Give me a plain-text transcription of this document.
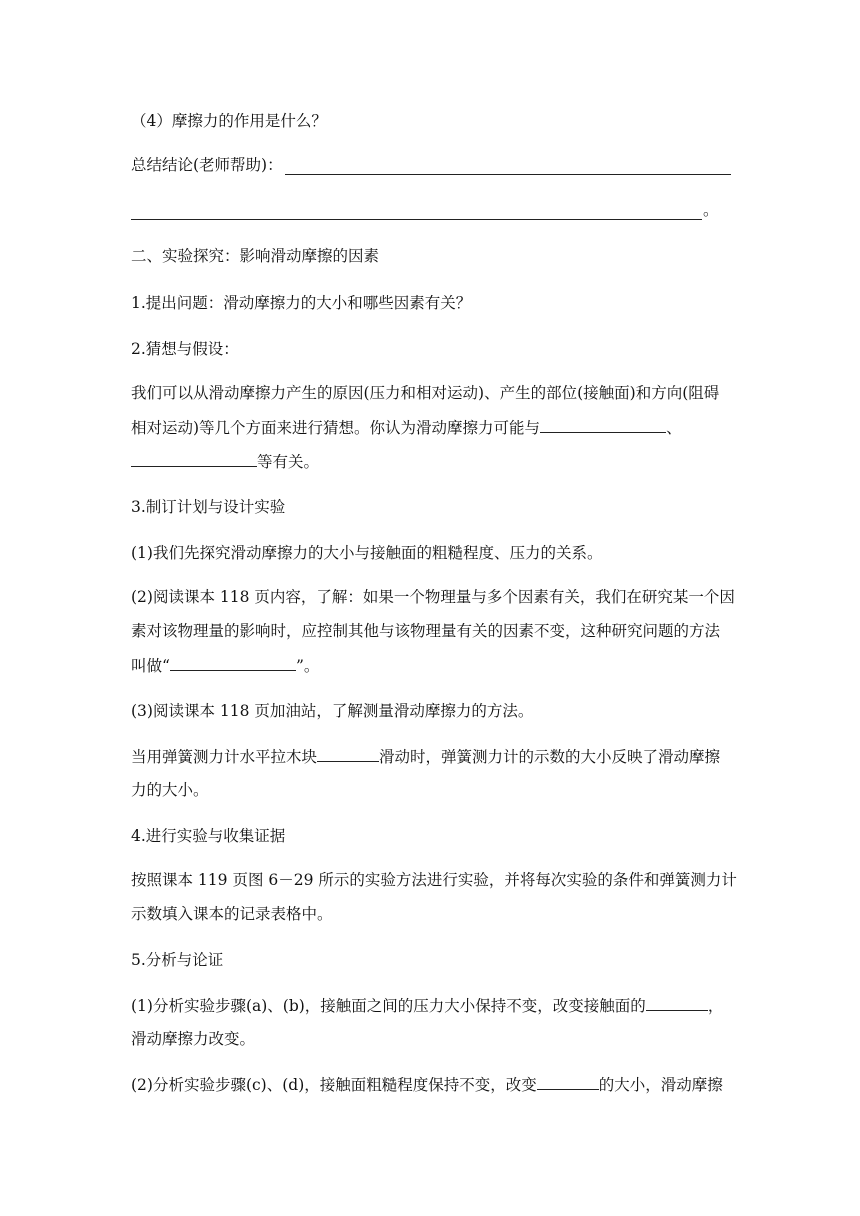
（4）摩擦力的作用是什么？
总结结论(老师帮助)：
。
二、实验探究：影响滑动摩擦的因素
1.提出问题：滑动摩擦力的大小和哪些因素有关？
2.猜想与假设：
我们可以从滑动摩擦力产生的原因(压力和相对运动)、产生的部位(接触面)和方向(阻碍
相对运动)等几个方面来进行猜想。你认为滑动摩擦力可能与	、
等有关。
3.制订计划与设计实验
(1)我们先探究滑动摩擦力的大小与接触面的粗糙程度、压力的关系。
(2)阅读课本 118 页内容，了解：如果一个物理量与多个因素有关，我们在研究某一个因
素对该物理量的影响时，应控制其他与该物理量有关的因素不变，这种研究问题的方法
叫做“	”。
(3)阅读课本 118 页加油站，了解测量滑动摩擦力的方法。
当用弹簧测力计水平拉木块	滑动时，弹簧测力计的示数的大小反映了滑动摩擦
力的大小。
4.进行实验与收集证据
按照课本 119 页图 6－29 所示的实验方法进行实验，并将每次实验的条件和弹簧测力计
示数填入课本的记录表格中。
5.分析与论证
(1)分析实验步骤(a)、(b)，接触面之间的压力大小保持不变，改变接触面的	，
滑动摩擦力改变。
(2)分析实验步骤(c)、(d)，接触面粗糙程度保持不变，改变	的大小，滑动摩擦
